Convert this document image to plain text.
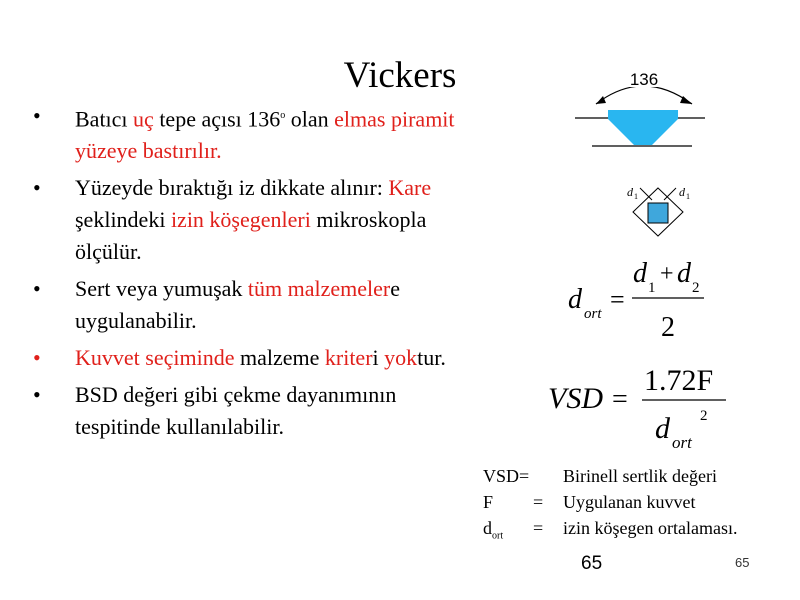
Vickers
• Batıcı uç tepe açısı 136$^o$ olan elmas piramit yüzeye bastırılır.
• Yüzeyde bıraktığı iz dikkate alınır: Kare şeklindeki izin köşegenleri mikroskopla ölçülür.
• Sert veya yumuşak tüm malzemelere uygulanabilir.
• Kuvvet seçiminde malzeme kriteri yoktur.
• BSD değeri gibi çekme dayanımının tespitinde kullanılabilir.
136
d 1	d 1
d ort =
d 1
+ d 2
2
VSD =
1.72F
d ort
2
VSD= Birinell sertlik değeri
F = Uygulanan kuvvet
$d_{ort}$ = izin köşegen ortalaması.
65	65
